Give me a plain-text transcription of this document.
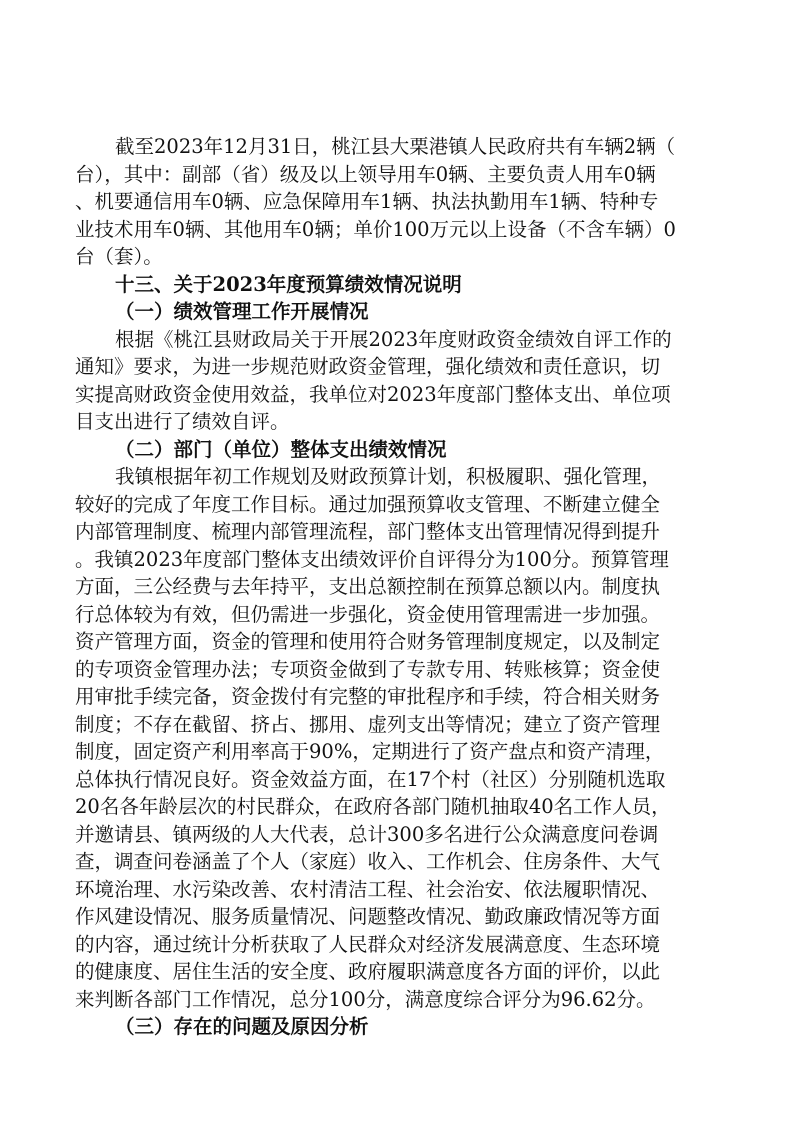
截至2023年12月31日，桃江县大栗港镇人民政府共有车辆2辆（
台），其中：副部（省）级及以上领导用车0辆、主要负责人用车0辆
、机要通信用车0辆、应急保障用车1辆、执法执勤用车1辆、特种专
业技术用车0辆、其他用车0辆；单价100万元以上设备（不含车辆）0
台（套）。
十三、关于2023年度预算绩效情况说明
（一）绩效管理工作开展情况
根据《桃江县财政局关于开展2023年度财政资金绩效自评工作的
通知》要求，为进一步规范财政资金管理，强化绩效和责任意识，切
实提高财政资金使用效益，我单位对2023年度部门整体支出、单位项
目支出进行了绩效自评。
（二）部门（单位）整体支出绩效情况
我镇根据年初工作规划及财政预算计划，积极履职、强化管理，
较好的完成了年度工作目标。通过加强预算收支管理、不断建立健全
内部管理制度、梳理内部管理流程，部门整体支出管理情况得到提升
。我镇2023年度部门整体支出绩效评价自评得分为100分。预算管理
方面，三公经费与去年持平，支出总额控制在预算总额以内。制度执
行总体较为有效，但仍需进一步强化，资金使用管理需进一步加强。
资产管理方面，资金的管理和使用符合财务管理制度规定，以及制定
的专项资金管理办法；专项资金做到了专款专用、转账核算；资金使
用审批手续完备，资金拨付有完整的审批程序和手续，符合相关财务
制度；不存在截留、挤占、挪用、虚列支出等情况；建立了资产管理
制度，固定资产利用率高于90%，定期进行了资产盘点和资产清理，
总体执行情况良好。资金效益方面，在17个村（社区）分别随机选取
20名各年龄层次的村民群众，在政府各部门随机抽取40名工作人员，
并邀请县、镇两级的人大代表，总计300多名进行公众满意度问卷调
查，调查问卷涵盖了个人（家庭）收入、工作机会、住房条件、大气
环境治理、水污染改善、农村清洁工程、社会治安、依法履职情况、
作风建设情况、服务质量情况、问题整改情况、勤政廉政情况等方面
的内容，通过统计分析获取了人民群众对经济发展满意度、生态环境
的健康度、居住生活的安全度、政府履职满意度各方面的评价，以此
来判断各部门工作情况，总分100分，满意度综合评分为96.62分。
（三）存在的问题及原因分析
